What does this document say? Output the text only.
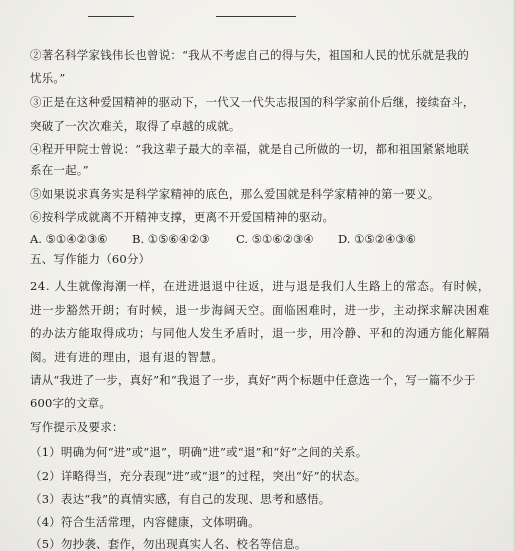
②著名科学家钱伟长也曾说：“我从不考虑自己的得与失，祖国和人民的忧乐就是我的
忧乐。”
③正是在这种爱国精神的驱动下，一代又一代失志报国的科学家前仆后继，接续奋斗，
突破了一次次难关，取得了卓越的成就。
④程开甲院士曾说：“我这辈子最大的幸福，就是自己所做的一切，都和祖国紧紧地联
系在一起。”
⑤如果说求真务实是科学家精神的底色，那么爱国就是科学家精神的第一要义。
⑥按科学成就离不开精神支撑，更离不开爱国精神的驱动。
A. ⑤①④②③⑥ B. ①⑤⑥④②③ C. ⑤①⑥②③④ D. ①⑤②④③⑥
五、写作能力（60分）
24. 人生就像海潮一样，在进进退退中往返，进与退是我们人生路上的常态。有时候，
进一步豁然开朗；有时候，退一步海阔天空。面临困难时，进一步，主动探求解决困难
的办法方能取得成功；与同他人发生矛盾时，退一步，用冷静、平和的沟通方能化解隔
阂。进有进的理由，退有退的智慧。
请从“我进了一步，真好”和“我退了一步，真好”两个标题中任意选一个，写一篇不少于
600字的文章。
写作提示及要求：
（1）明确为何“进”或“退”，明确“进”或“退”和“好”之间的关系。
（2）详略得当，充分表现“进”或“退”的过程，突出“好”的状态。
（3）表达“我”的真情实感，有自己的发现、思考和感悟。
（4）符合生活常理，内容健康，文体明确。
（5）勿抄袭、套作，勿出现真实人名、校名等信息。
